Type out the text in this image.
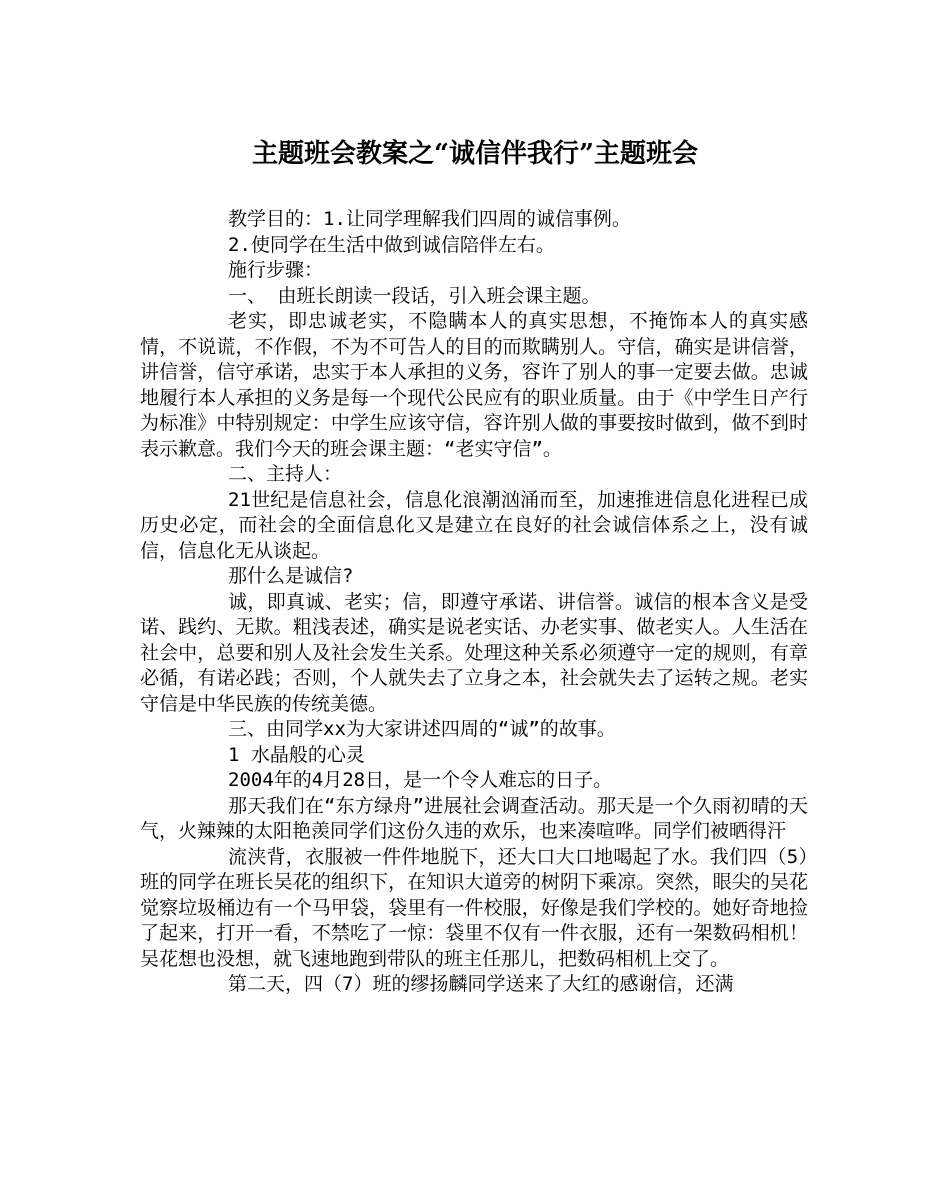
主题班会教案之“诚信伴我行”主题班会

教学目的：1.让同学理解我们四周的诚信事例。

2.使同学在生活中做到诚信陪伴左右。

施行步骤：

一、 由班长朗读一段话，引入班会课主题。

老实，即忠诚老实，不隐瞒本人的真实思想，不掩饰本人的真实感情，不说谎，不作假，不为不可告人的目的而欺瞒别人。守信，确实是讲信誉，讲信誉，信守承诺，忠实于本人承担的义务，容许了别人的事一定要去做。忠诚地履行本人承担的义务是每一个现代公民应有的职业质量。由于《中学生日产行为标准》中特别规定：中学生应该守信，容许别人做的事要按时做到，做不到时表示歉意。我们今天的班会课主题：“老实守信”。

二、主持人：

21世纪是信息社会，信息化浪潮汹涌而至，加速推进信息化进程已成历史必定，而社会的全面信息化又是建立在良好的社会诚信体系之上，没有诚信，信息化无从谈起。

那什么是诚信?

诚，即真诚、老实；信，即遵守承诺、讲信誉。诚信的根本含义是受诺、践约、无欺。粗浅表述，确实是说老实话、办老实事、做老实人。人生活在社会中，总要和别人及社会发生关系。处理这种关系必须遵守一定的规则，有章必循，有诺必践；否则，个人就失去了立身之本，社会就失去了运转之规。老实守信是中华民族的传统美德。

三、由同学xx为大家讲述四周的“诚”的故事。

1 水晶般的心灵

2004年的4月28日，是一个令人难忘的日子。

那天我们在“东方绿舟”进展社会调查活动。那天是一个久雨初晴的天气，火辣辣的太阳艳羡同学们这份久违的欢乐，也来凑喧哗。同学们被晒得汗

流浃背，衣服被一件件地脱下，还大口大口地喝起了水。我们四（5）班的同学在班长吴花的组织下，在知识大道旁的树阴下乘凉。突然，眼尖的吴花觉察垃圾桶边有一个马甲袋，袋里有一件校服，好像是我们学校的。她好奇地捡了起来，打开一看，不禁吃了一惊：袋里不仅有一件衣服，还有一架数码相机！吴花想也没想，就飞速地跑到带队的班主任那儿，把数码相机上交了。

第二天，四（7）班的缪扬麟同学送来了大红的感谢信，还满
